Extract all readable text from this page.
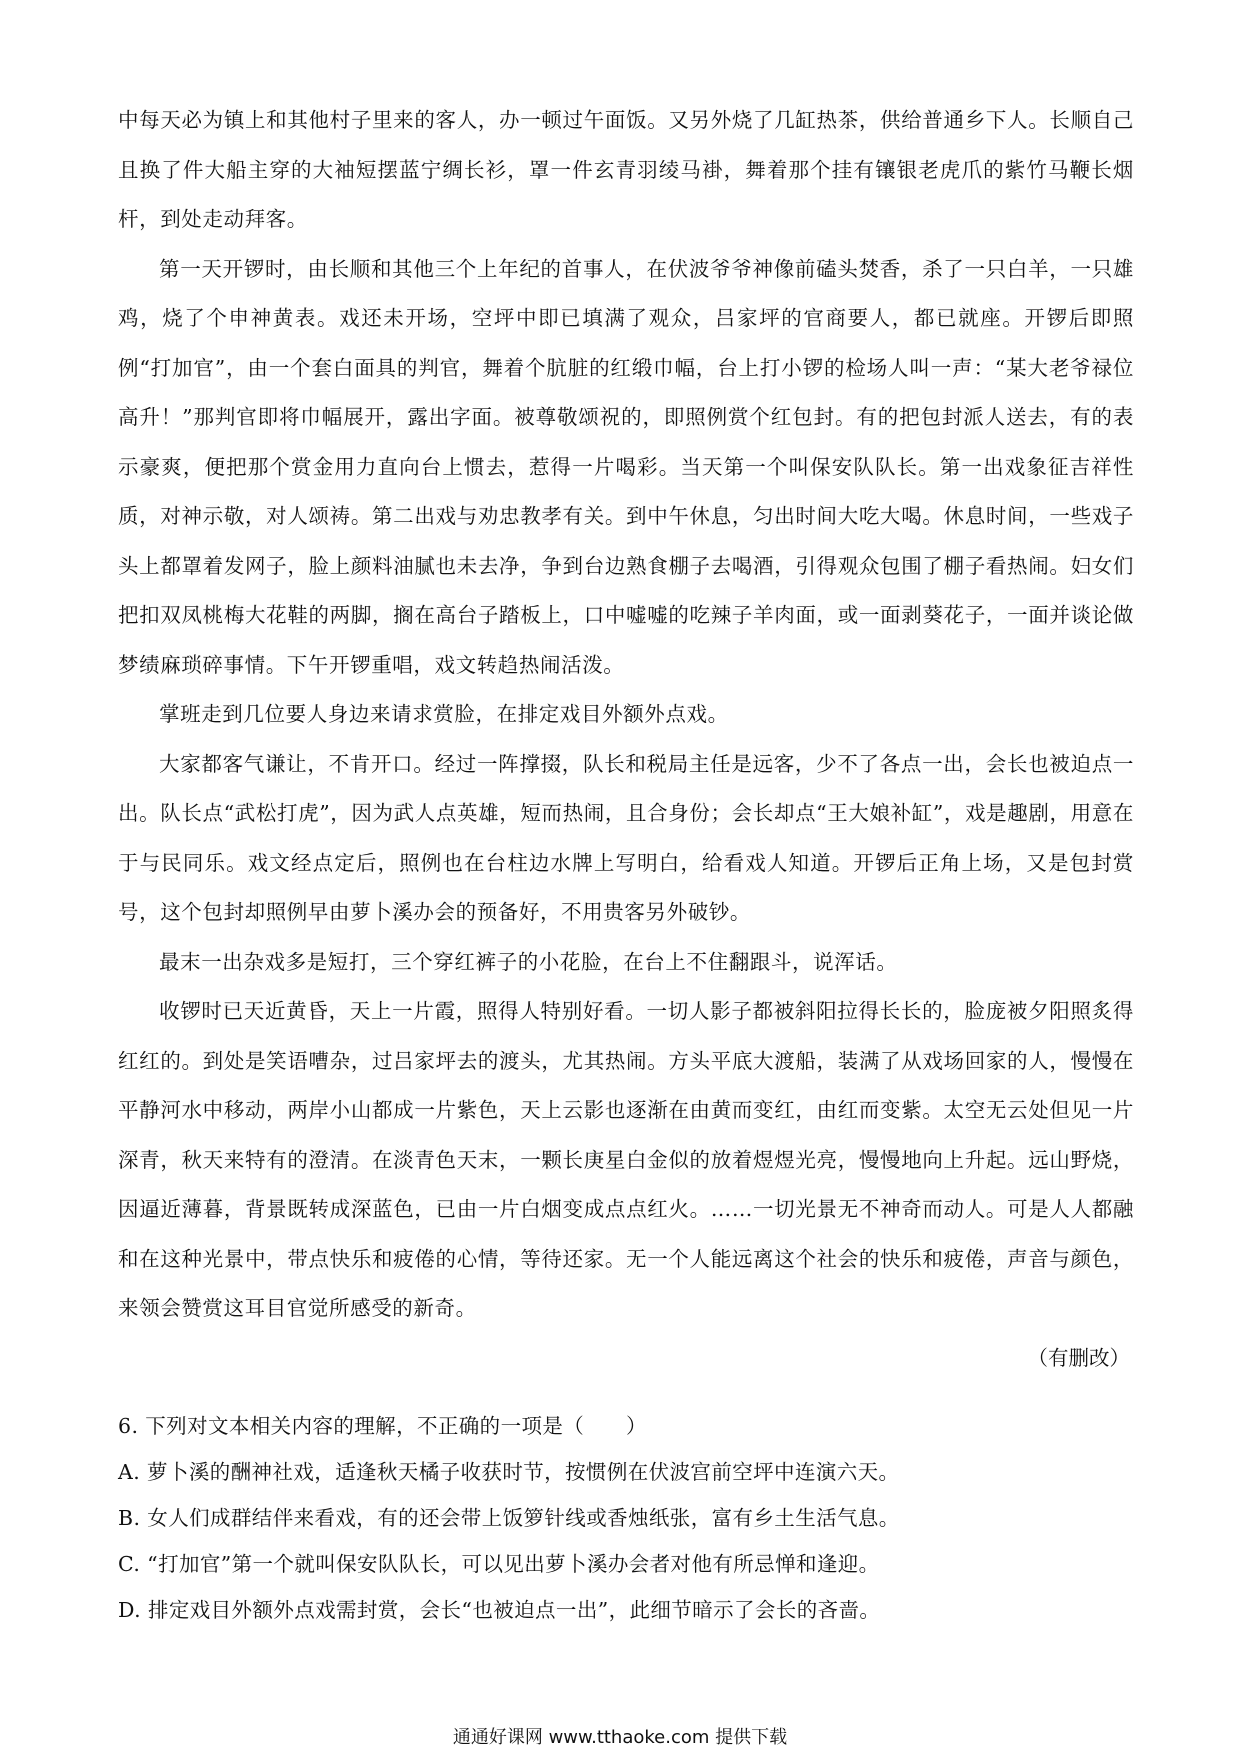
中每天必为镇上和其他村子里来的客人，办一顿过午面饭。又另外烧了几缸热茶，供给普通乡下人。长顺自己且换了件大船主穿的大袖短摆蓝宁绸长衫，罩一件玄青羽绫马褂，舞着那个挂有镶银老虎爪的紫竹马鞭长烟杆，到处走动拜客。

第一天开锣时，由长顺和其他三个上年纪的首事人，在伏波爷爷神像前磕头焚香，杀了一只白羊，一只雄鸡，烧了个申神黄表。戏还未开场，空坪中即已填满了观众，吕家坪的官商要人，都已就座。开锣后即照例“打加官”，由一个套白面具的判官，舞着个肮脏的红缎巾幅，台上打小锣的检场人叫一声：“某大老爷禄位高升！”那判官即将巾幅展开，露出字面。被尊敬颂祝的，即照例赏个红包封。有的把包封派人送去，有的表示豪爽，便把那个赏金用力直向台上惯去，惹得一片喝彩。当天第一个叫保安队队长。第一出戏象征吉祥性质，对神示敬，对人颂祷。第二出戏与劝忠教孝有关。到中午休息，匀出时间大吃大喝。休息时间，一些戏子头上都罩着发网子，脸上颜料油腻也未去净，争到台边熟食棚子去喝酒，引得观众包围了棚子看热闹。妇女们把扣双凤桃梅大花鞋的两脚，搁在高台子踏板上，口中嘘嘘的吃辣子羊肉面，或一面剥葵花子，一面并谈论做梦绩麻琐碎事情。下午开锣重唱，戏文转趋热闹活泼。

掌班走到几位要人身边来请求赏脸，在排定戏目外额外点戏。

大家都客气谦让，不肯开口。经过一阵撑掇，队长和税局主任是远客，少不了各点一出，会长也被迫点一出。队长点“武松打虎”，因为武人点英雄，短而热闹，且合身份；会长却点“王大娘补缸”，戏是趣剧，用意在于与民同乐。戏文经点定后，照例也在台柱边水牌上写明白，给看戏人知道。开锣后正角上场，又是包封赏号，这个包封却照例早由萝卜溪办会的预备好，不用贵客另外破钞。

最末一出杂戏多是短打，三个穿红裤子的小花脸，在台上不住翻跟斗，说浑话。

收锣时已天近黄昏，天上一片霞，照得人特别好看。一切人影子都被斜阳拉得长长的，脸庞被夕阳照炙得红红的。到处是笑语嘈杂，过吕家坪去的渡头，尤其热闹。方头平底大渡船，装满了从戏场回家的人，慢慢在平静河水中移动，两岸小山都成一片紫色，天上云影也逐渐在由黄而变红，由红而变紫。太空无云处但见一片深青，秋天来特有的澄清。在淡青色天末，一颗长庚星白金似的放着煜煜光亮，慢慢地向上升起。远山野烧，因逼近薄暮，背景既转成深蓝色，已由一片白烟变成点点红火。……一切光景无不神奇而动人。可是人人都融和在这种光景中，带点快乐和疲倦的心情，等待还家。无一个人能远离这个社会的快乐和疲倦，声音与颜色，来领会赞赏这耳目官觉所感受的新奇。

（有删改）

6. 下列对文本相关内容的理解，不正确的一项是（　　）

A. 萝卜溪的酬神社戏，适逢秋天橘子收获时节，按惯例在伏波宫前空坪中连演六天。

B. 女人们成群结伴来看戏，有的还会带上饭箩针线或香烛纸张，富有乡土生活气息。

C. “打加官”第一个就叫保安队队长，可以见出萝卜溪办会者对他有所忌惮和逢迎。

D. 排定戏目外额外点戏需封赏，会长“也被迫点一出”，此细节暗示了会长的吝啬。

通通好课网 www.tthaoke.com 提供下载
